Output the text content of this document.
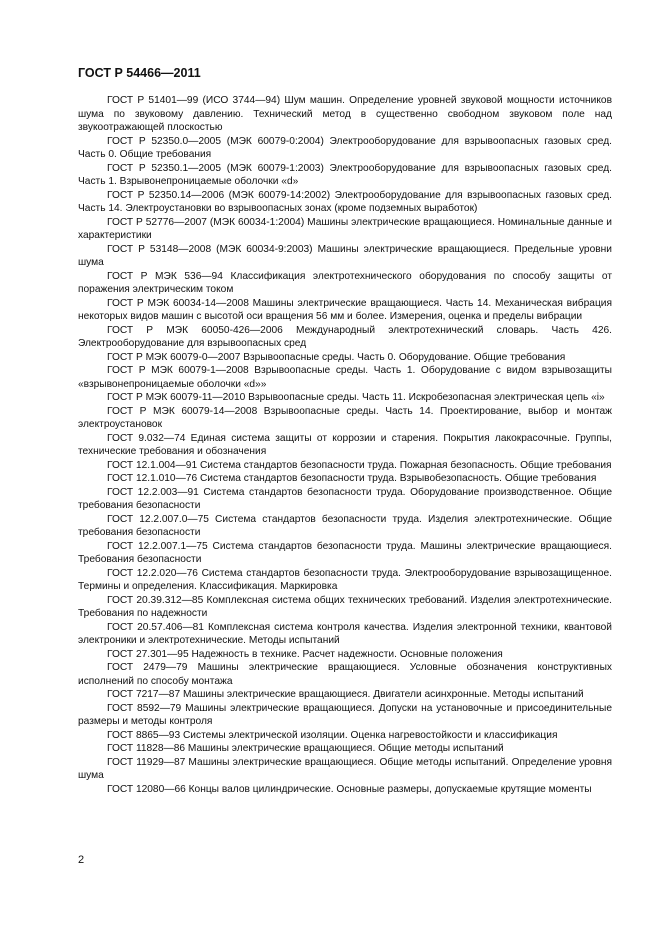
ГОСТ Р 54466—2011

ГОСТ Р 51401—99 (ИСО 3744—94) Шум машин. Определение уровней звуковой мощности источников шума по звуковому давлению. Технический метод в существенно свободном звуковом поле над звукоотражающей плоскостью

ГОСТ Р 52350.0—2005 (МЭК 60079-0:2004) Электрооборудование для взрывоопасных газовых сред. Часть 0. Общие требования

ГОСТ Р 52350.1—2005 (МЭК 60079-1:2003) Электрооборудование для взрывоопасных газовых сред. Часть 1. Взрывонепроницаемые оболочки «d»

ГОСТ Р 52350.14—2006 (МЭК 60079-14:2002) Электрооборудование для взрывоопасных газовых сред. Часть 14. Электроустановки во взрывоопасных зонах (кроме подземных выработок)

ГОСТ Р 52776—2007 (МЭК 60034-1:2004) Машины электрические вращающиеся. Номинальные данные и характеристики

ГОСТ Р 53148—2008 (МЭК 60034-9:2003) Машины электрические вращающиеся. Предельные уровни шума

ГОСТ Р МЭК 536—94 Классификация электротехнического оборудования по способу защиты от поражения электрическим током

ГОСТ Р МЭК 60034-14—2008 Машины электрические вращающиеся. Часть 14. Механическая вибрация некоторых видов машин с высотой оси вращения 56 мм и более. Измерения, оценка и пределы вибрации

ГОСТ Р МЭК 60050-426—2006 Международный электротехнический словарь. Часть 426. Электрооборудование для взрывоопасных сред

ГОСТ Р МЭК 60079-0—2007 Взрывоопасные среды. Часть 0. Оборудование. Общие требования

ГОСТ Р МЭК 60079-1—2008 Взрывоопасные среды. Часть 1. Оборудование с видом взрывозащиты «взрывонепроницаемые оболочки «d»»

ГОСТ Р МЭК 60079-11—2010 Взрывоопасные среды. Часть 11. Искробезопасная электрическая цепь «i»

ГОСТ Р МЭК 60079-14—2008 Взрывоопасные среды. Часть 14. Проектирование, выбор и монтаж электроустановок

ГОСТ 9.032—74 Единая система защиты от коррозии и старения. Покрытия лакокрасочные. Группы, технические требования и обозначения

ГОСТ 12.1.004—91 Система стандартов безопасности труда. Пожарная безопасность. Общие требования

ГОСТ 12.1.010—76 Система стандартов безопасности труда. Взрывобезопасность. Общие требования

ГОСТ 12.2.003—91 Система стандартов безопасности труда. Оборудование производственное. Общие требования безопасности

ГОСТ 12.2.007.0—75 Система стандартов безопасности труда. Изделия электротехнические. Общие требования безопасности

ГОСТ 12.2.007.1—75 Система стандартов безопасности труда. Машины электрические вращающиеся. Требования безопасности

ГОСТ 12.2.020—76 Система стандартов безопасности труда. Электрооборудование взрывозащищенное. Термины и определения. Классификация. Маркировка

ГОСТ 20.39.312—85 Комплексная система общих технических требований. Изделия электротехнические. Требования по надежности

ГОСТ 20.57.406—81 Комплексная система контроля качества. Изделия электронной техники, квантовой электроники и электротехнические. Методы испытаний

ГОСТ 27.301—95 Надежность в технике. Расчет надежности. Основные положения

ГОСТ 2479—79 Машины электрические вращающиеся. Условные обозначения конструктивных исполнений по способу монтажа

ГОСТ 7217—87 Машины электрические вращающиеся. Двигатели асинхронные. Методы испытаний

ГОСТ 8592—79 Машины электрические вращающиеся. Допуски на установочные и присоединительные размеры и методы контроля

ГОСТ 8865—93 Системы электрической изоляции. Оценка нагревостойкости и классификация

ГОСТ 11828—86 Машины электрические вращающиеся. Общие методы испытаний

ГОСТ 11929—87 Машины электрические вращающиеся. Общие методы испытаний. Определение уровня шума

ГОСТ 12080—66 Концы валов цилиндрические. Основные размеры, допускаемые крутящие моменты

2
